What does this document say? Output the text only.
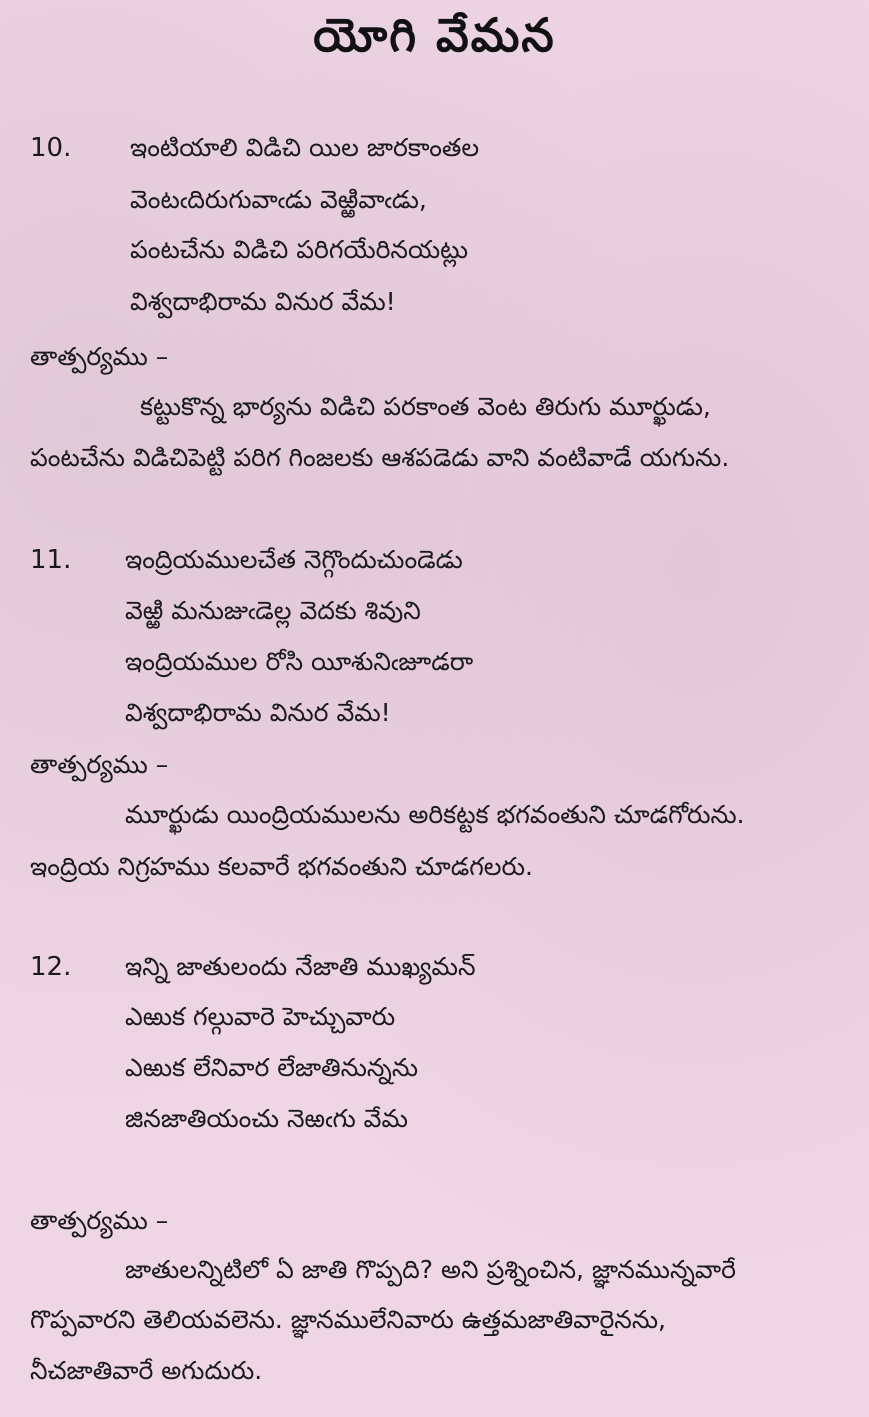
యోగి వేమన
10. ఇంటియాలి విడిచి యిల జారకాంతల
వెంటఁదిరుగువాఁడు వెఱ్ఱివాఁడు,
పంటచేను విడిచి పరిగయేరినయట్లు
విశ్వదాభిరామ వినుర వేమ!
తాత్పర్యము –
కట్టుకొన్న భార్యను విడిచి పరకాంత వెంట తిరుగు మూర్ఖుడు,
పంటచేను విడిచిపెట్టి పరిగ గింజలకు ఆశపడెడు వాని వంటివాడే యగును.
11. ఇంద్రియములచేత నెగ్గొందుచుండెడు
వెఱ్ఱి మనుజుఁడెల్ల వెదకు శివుని
ఇంద్రియముల రోసి యీశునిఁజూడరా
విశ్వదాభిరామ వినుర వేమ!
తాత్పర్యము –
మూర్ఖుడు యింద్రియములను అరికట్టక భగవంతుని చూడగోరును.
ఇంద్రియ నిగ్రహము కలవారే భగవంతుని చూడగలరు.
12. ఇన్ని జాతులందు నేజాతి ముఖ్యమన్
ఎఱుక గల్గువారె హెచ్చువారు
ఎఱుక లేనివార లేజాతినున్నను
జినజాతియంచు నెఱఁగు వేమ
తాత్పర్యము –
జాతులన్నిటిలో ఏ జాతి గొప్పది? అని ప్రశ్నించిన, జ్ఞానమున్నవారే
గొప్పవారని తెలియవలెను. జ్ఞానములేనివారు ఉత్తమజాతివారైనను,
నీచజాతివారే అగుదురు.
